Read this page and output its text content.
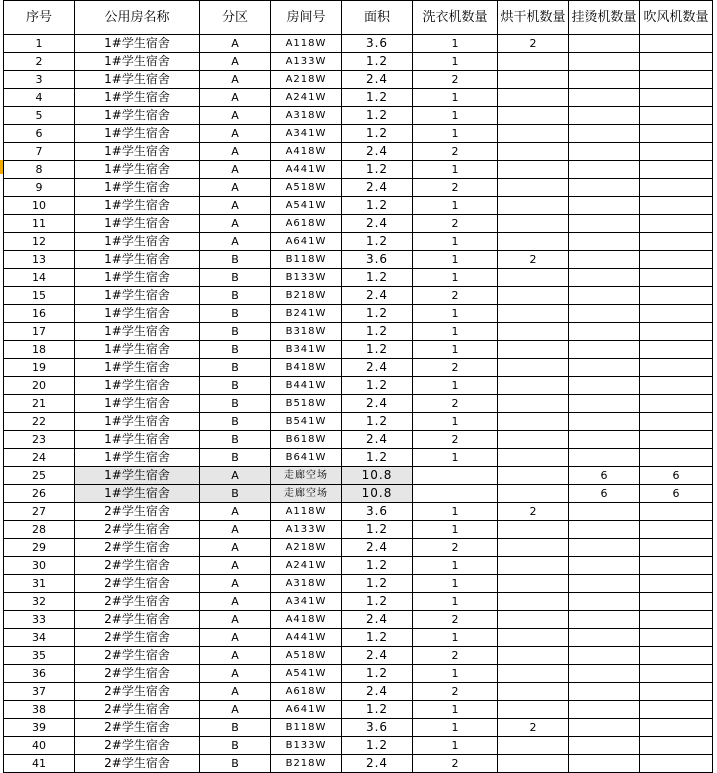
序号	公用房名称	分区	房间号	面积	洗衣机数量	烘干机数量	挂烫机数量	吹风机数量
1	1#学生宿舍	A	A118W	3.6	1	2		
2	1#学生宿舍	A	A133W	1.2	1			
3	1#学生宿舍	A	A218W	2.4	2			
4	1#学生宿舍	A	A241W	1.2	1			
5	1#学生宿舍	A	A318W	1.2	1			
6	1#学生宿舍	A	A341W	1.2	1			
7	1#学生宿舍	A	A418W	2.4	2			
8	1#学生宿舍	A	A441W	1.2	1			
9	1#学生宿舍	A	A518W	2.4	2			
10	1#学生宿舍	A	A541W	1.2	1			
11	1#学生宿舍	A	A618W	2.4	2			
12	1#学生宿舍	A	A641W	1.2	1			
13	1#学生宿舍	B	B118W	3.6	1	2		
14	1#学生宿舍	B	B133W	1.2	1			
15	1#学生宿舍	B	B218W	2.4	2			
16	1#学生宿舍	B	B241W	1.2	1			
17	1#学生宿舍	B	B318W	1.2	1			
18	1#学生宿舍	B	B341W	1.2	1			
19	1#学生宿舍	B	B418W	2.4	2			
20	1#学生宿舍	B	B441W	1.2	1			
21	1#学生宿舍	B	B518W	2.4	2			
22	1#学生宿舍	B	B541W	1.2	1			
23	1#学生宿舍	B	B618W	2.4	2			
24	1#学生宿舍	B	B641W	1.2	1			
25	1#学生宿舍	A	走廊空场	10.8			6	6
26	1#学生宿舍	B	走廊空场	10.8			6	6
27	2#学生宿舍	A	A118W	3.6	1	2		
28	2#学生宿舍	A	A133W	1.2	1			
29	2#学生宿舍	A	A218W	2.4	2			
30	2#学生宿舍	A	A241W	1.2	1			
31	2#学生宿舍	A	A318W	1.2	1			
32	2#学生宿舍	A	A341W	1.2	1			
33	2#学生宿舍	A	A418W	2.4	2			
34	2#学生宿舍	A	A441W	1.2	1			
35	2#学生宿舍	A	A518W	2.4	2			
36	2#学生宿舍	A	A541W	1.2	1			
37	2#学生宿舍	A	A618W	2.4	2			
38	2#学生宿舍	A	A641W	1.2	1			
39	2#学生宿舍	B	B118W	3.6	1	2		
40	2#学生宿舍	B	B133W	1.2	1			
41	2#学生宿舍	B	B218W	2.4	2			
